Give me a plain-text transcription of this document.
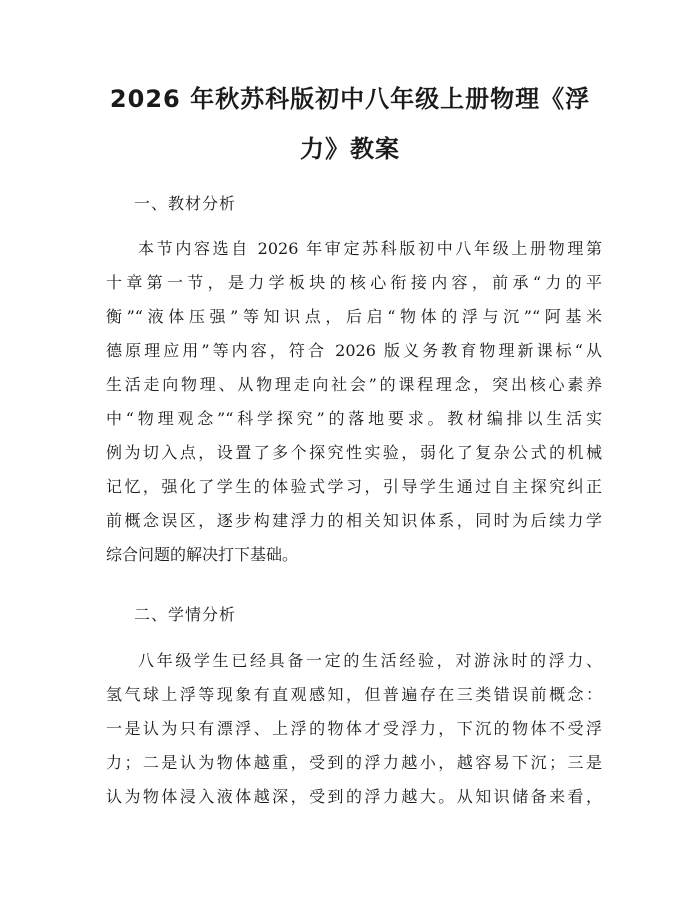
2026 年秋苏科版初中八年级上册物理《浮
力》教案

一、教材分析

本节内容选自 2026 年审定苏科版初中八年级上册物理第

十章第一节，是力学板块的核心衔接内容，前承“力的平

衡”“液体压强”等知识点，后启“物体的浮与沉”“阿基米

德原理应用”等内容，符合 2026 版义务教育物理新课标“从

生活走向物理、从物理走向社会”的课程理念，突出核心素养

中“物理观念”“科学探究”的落地要求。教材编排以生活实

例为切入点，设置了多个探究性实验，弱化了复杂公式的机械

记忆，强化了学生的体验式学习，引导学生通过自主探究纠正

前概念误区，逐步构建浮力的相关知识体系，同时为后续力学

综合问题的解决打下基础。

二、学情分析

八年级学生已经具备一定的生活经验，对游泳时的浮力、

氢气球上浮等现象有直观感知，但普遍存在三类错误前概念：

一是认为只有漂浮、上浮的物体才受浮力，下沉的物体不受浮

力；二是认为物体越重，受到的浮力越小，越容易下沉；三是

认为物体浸入液体越深，受到的浮力越大。从知识储备来看，
